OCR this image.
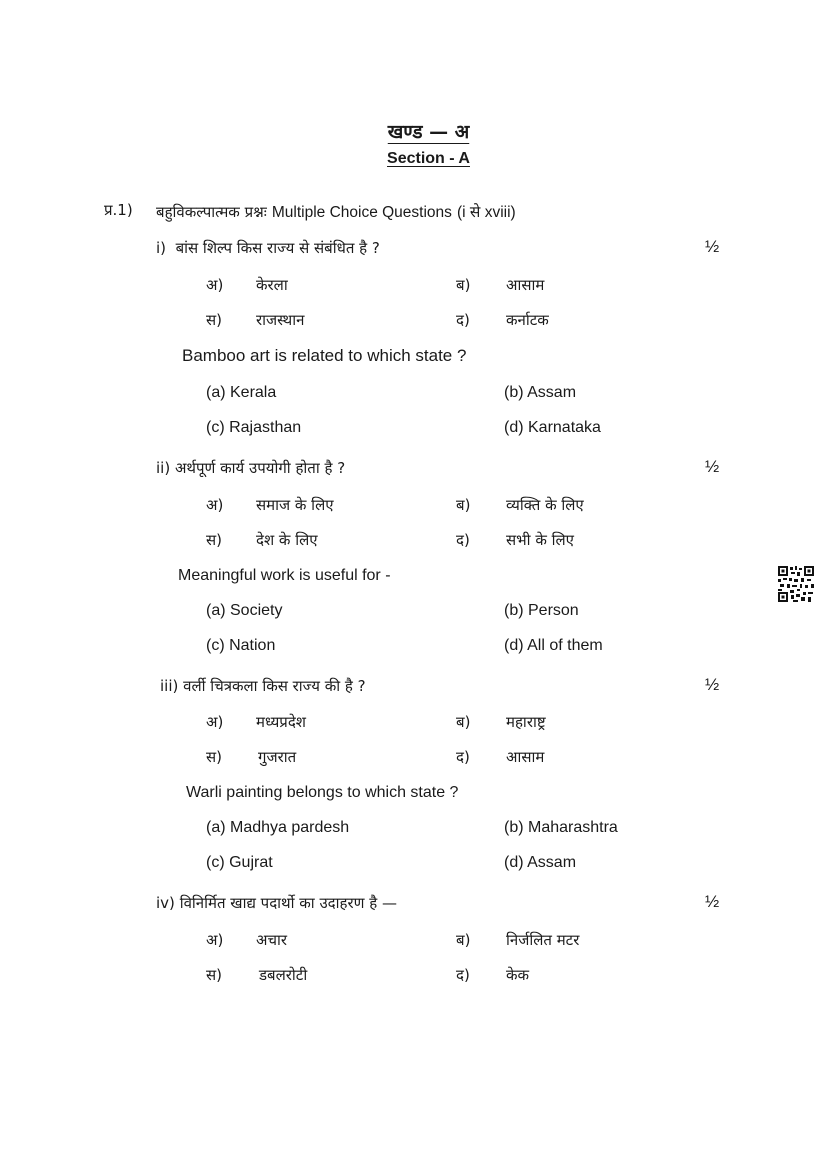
खण्ड — अ
Section - A
प्र.1) बहुविकल्पात्मक प्रश्नः Multiple Choice Questions (i से xviii)
i) बांस शिल्प किस राज्य से संबंधित है ?	½
अ) केरला	ब) आसाम
स) राजस्थान	द) कर्नाटक
Bamboo art is related to which state ?
(a) Kerala	(b) Assam
(c) Rajasthan	(d) Karnataka
ii) अर्थपूर्ण कार्य उपयोगी होता है ?	½
अ) समाज के लिए	ब) व्यक्ति के लिए
स) देश के लिए	द) सभी के लिए
Meaningful work is useful for -
(a) Society	(b) Person
(c) Nation	(d) All of them
iii) वर्ली चित्रकला किस राज्य की है ?	½
अ) मध्यप्रदेश	ब) महाराष्ट्र
स) गुजरात	द) आसाम
Warli painting belongs to which state ?
(a) Madhya pardesh	(b) Maharashtra
(c) Gujrat	(d) Assam
iv) विनिर्मित खाद्य पदार्थो का उदाहरण है —	½
अ) अचार	ब) निर्जलित मटर
स) डबलरोटी	द) केक
